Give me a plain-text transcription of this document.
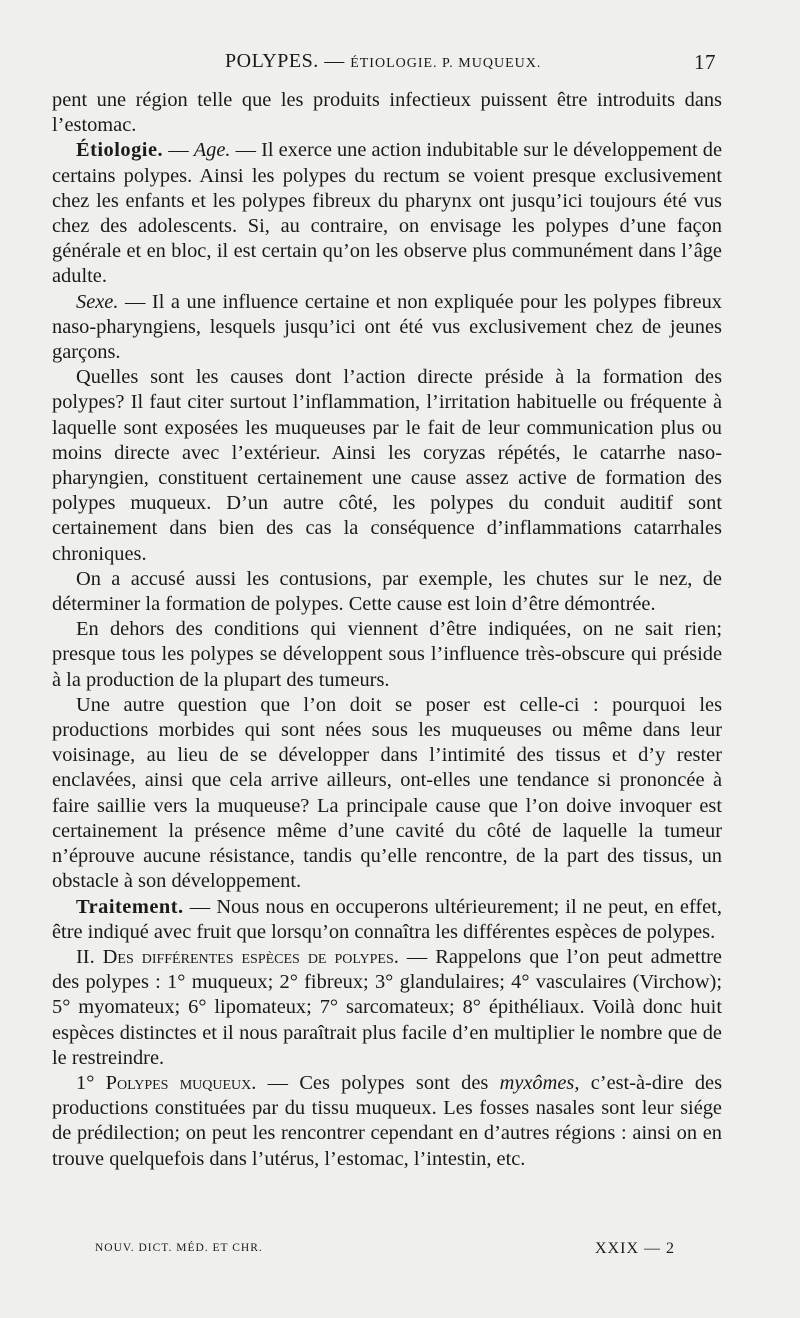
POLYPES. — ÉTIOLOGIE. P. MUQUEUX.	17

pent une région telle que les produits infectieux puissent être introduits dans l’estomac.

Étiologie. — Age. — Il exerce une action indubitable sur le développement de certains polypes. Ainsi les polypes du rectum se voient presque exclusivement chez les enfants et les polypes fibreux du pharynx ont jusqu’ici toujours été vus chez des adolescents. Si, au contraire, on envisage les polypes d’une façon générale et en bloc, il est certain qu’on les observe plus communément dans l’âge adulte.

Sexe. — Il a une influence certaine et non expliquée pour les polypes fibreux naso-pharyngiens, lesquels jusqu’ici ont été vus exclusivement chez de jeunes garçons.

Quelles sont les causes dont l’action directe préside à la formation des polypes? Il faut citer surtout l’inflammation, l’irritation habituelle ou fréquente à laquelle sont exposées les muqueuses par le fait de leur communication plus ou moins directe avec l’extérieur. Ainsi les coryzas répétés, le catarrhe naso-pharyngien, constituent certainement une cause assez active de formation des polypes muqueux. D’un autre côté, les polypes du conduit auditif sont certainement dans bien des cas la conséquence d’inflammations catarrhales chroniques.

On a accusé aussi les contusions, par exemple, les chutes sur le nez, de déterminer la formation de polypes. Cette cause est loin d’être démontrée.

En dehors des conditions qui viennent d’être indiquées, on ne sait rien; presque tous les polypes se développent sous l’influence très-obscure qui préside à la production de la plupart des tumeurs.

Une autre question que l’on doit se poser est celle-ci : pourquoi les productions morbides qui sont nées sous les muqueuses ou même dans leur voisinage, au lieu de se développer dans l’intimité des tissus et d’y rester enclavées, ainsi que cela arrive ailleurs, ont-elles une tendance si prononcée à faire saillie vers la muqueuse? La principale cause que l’on doive invoquer est certainement la présence même d’une cavité du côté de laquelle la tumeur n’éprouve aucune résistance, tandis qu’elle rencontre, de la part des tissus, un obstacle à son développement.

Traitement. — Nous nous en occuperons ultérieurement; il ne peut, en effet, être indiqué avec fruit que lorsqu’on connaîtra les différentes espèces de polypes.

II. Des différentes espèces de polypes. — Rappelons que l’on peut admettre des polypes : 1° muqueux; 2° fibreux; 3° glandulaires; 4° vasculaires (Virchow); 5° myomateux; 6° lipomateux; 7° sarcomateux; 8° épithéliaux. Voilà donc huit espèces distinctes et il nous paraîtrait plus facile d’en multiplier le nombre que de le restreindre.

1° Polypes muqueux. — Ces polypes sont des myxômes, c’est-à-dire des productions constituées par du tissu muqueux. Les fosses nasales sont leur siége de prédilection; on peut les rencontrer cependant en d’autres régions : ainsi on en trouve quelquefois dans l’utérus, l’estomac, l’intestin, etc.

NOUV. DICT. MÉD. ET CHR.	XXIX — 2
